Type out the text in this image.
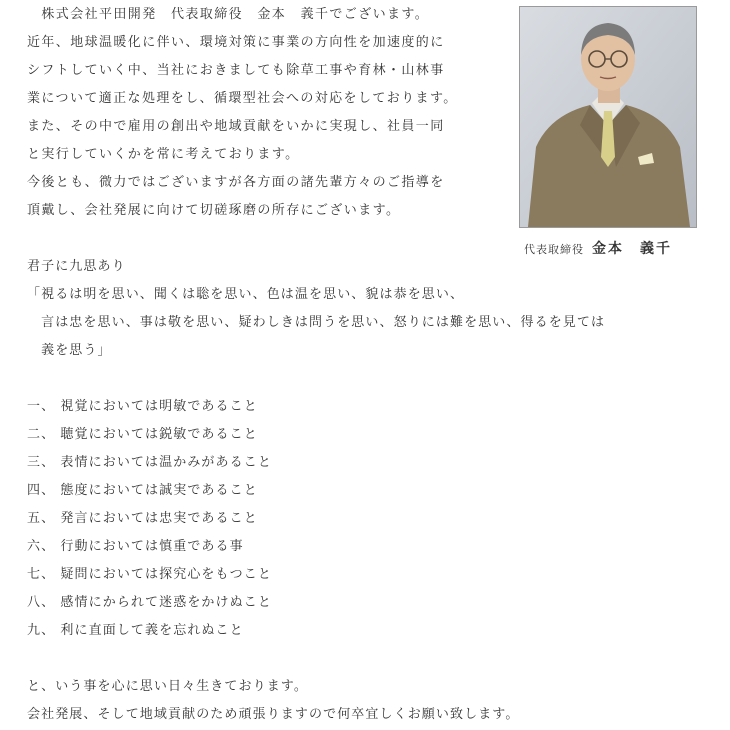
　株式会社平田開発　代表取締役　金本　義千でございます。
近年、地球温暖化に伴い、環境対策に事業の方向性を加速度的に
シフトしていく中、当社におきましても除草工事や育林・山林事
業について適正な処理をし、循環型社会への対応をしております。
また、その中で雇用の創出や地域貢献をいかに実現し、社員一同
と実行していくかを常に考えております。
今後とも、微力ではございますが各方面の諸先輩方々のご指導を
頂戴し、会社発展に向けて切磋琢磨の所存にございます。
代表取締役 金本　義千
君子に九思あり
「視るは明を思い、聞くは聡を思い、色は温を思い、貌は恭を思い、
　言は忠を思い、事は敬を思い、疑わしきは問うを思い、怒りには難を思い、得るを見ては
　義を思う」
一、 視覚においては明敏であること
二、 聴覚においては鋭敏であること
三、 表情においては温かみがあること
四、 態度においては誠実であること
五、 発言においては忠実であること
六、 行動においては慎重である事
七、 疑問においては探究心をもつこと
八、 感情にかられて迷惑をかけぬこと
九、 利に直面して義を忘れぬこと
と、いう事を心に思い日々生きております。
会社発展、そして地域貢献のため頑張りますので何卒宜しくお願い致します。
